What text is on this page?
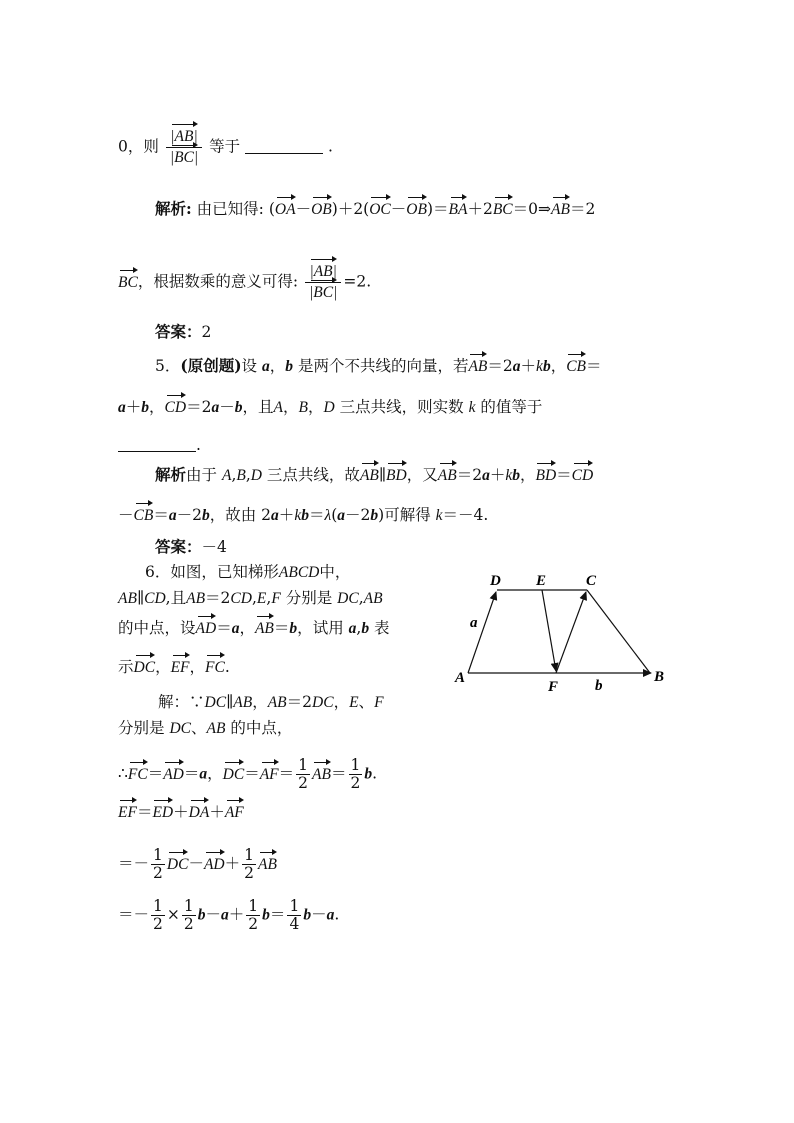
0，则 $\frac{|AB|}{|BC|}$ 等于	.
解析: 由已知得: (OA－OB)＋2(OC－OB)＝BA＋2BC＝0⇒AB＝2
BC，根据数乘的意义可得: $\frac{|AB|}{|BC|} =2$.
答案：2
5．(原创题)设 a，b 是两个不共线的向量，若AB＝2a＋kb，CB＝
a＋b，CD＝2a－b，且A，B，D 三点共线，则实数 k 的值等于
.
解析由于 A,B,D 三点共线，故AB∥BD，又AB＝2a＋kb，BD＝CD
－CB＝a－2b，故由 2a＋kb＝λ(a－2b)可解得 k＝－4.
答案：－4
6．如图，已知梯形ABCD中，
AB∥CD,且AB＝2CD,E,F 分别是 DC,AB
的中点，设AD＝a，AB＝b，试用 a,b 表
示DC，EF，FC.
解：∵DC∥AB，AB＝2DC，E、F
分别是 DC、AB 的中点，
∴FC＝AD＝a，$DC=AF= \frac{1}{2} AB= \frac{1}{2} b$.
EF＝ED＋DA＋AF
＝－ $\frac{1}{2} DC-AD+ \frac{1}{2}$ AB
＝－ $\frac{1}{2} \times \frac{1}{2} b-a+ \frac{1}{2} b= \frac{1}{4} b-a$.
D E	C
A
F
B
a
b
